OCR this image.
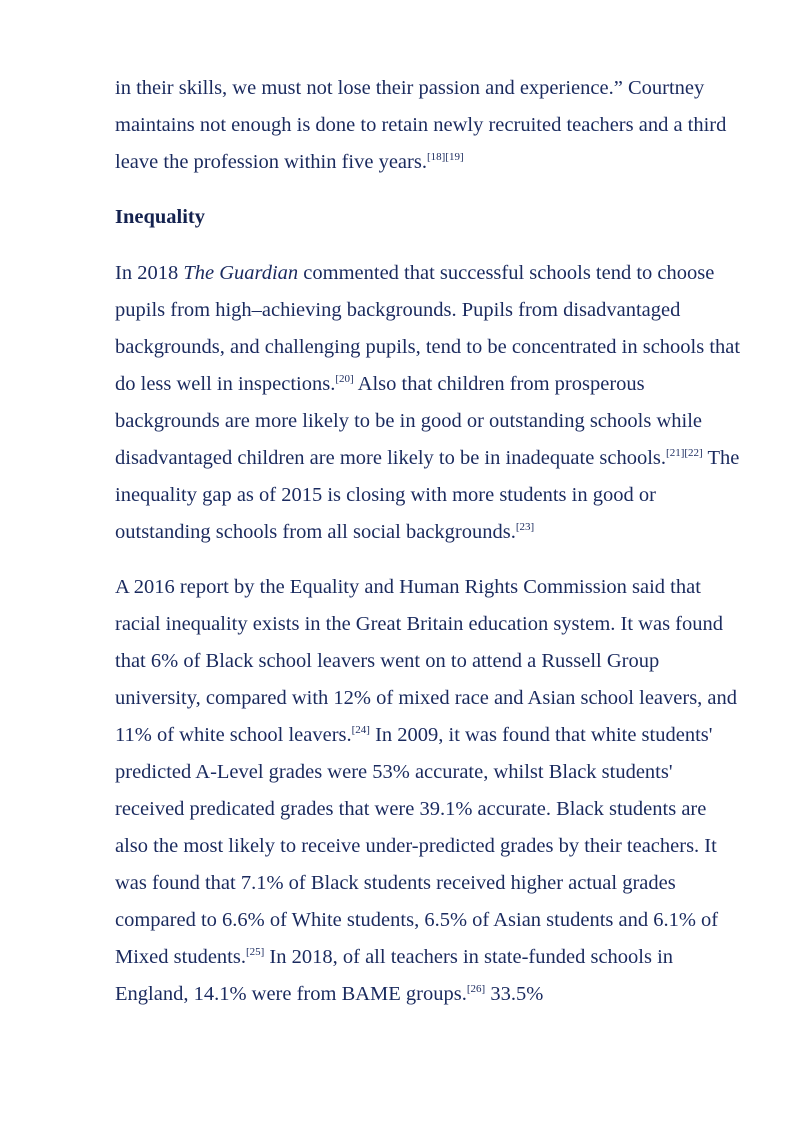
in their skills, we must not lose their passion and experience.” Courtney maintains not enough is done to retain newly recruited teachers and a third leave the profession within five years.[18][19]

Inequality

In 2018 The Guardian commented that successful schools tend to choose pupils from high–achieving backgrounds. Pupils from disadvantaged backgrounds, and challenging pupils, tend to be concentrated in schools that do less well in inspections.[20] Also that children from prosperous backgrounds are more likely to be in good or outstanding schools while disadvantaged children are more likely to be in inadequate schools.[21][22] The inequality gap as of 2015 is closing with more students in good or outstanding schools from all social backgrounds.[23]

A 2016 report by the Equality and Human Rights Commission said that racial inequality exists in the Great Britain education system. It was found that 6% of Black school leavers went on to attend a Russell Group university, compared with 12% of mixed race and Asian school leavers, and 11% of white school leavers.[24] In 2009, it was found that white students' predicted A-Level grades were 53% accurate, whilst Black students' received predicated grades that were 39.1% accurate. Black students are also the most likely to receive under-predicted grades by their teachers. It was found that 7.1% of Black students received higher actual grades compared to 6.6% of White students, 6.5% of Asian students and 6.1% of Mixed students.[25] In 2018, of all teachers in state-funded schools in England, 14.1% were from BAME groups.[26] 33.5%
